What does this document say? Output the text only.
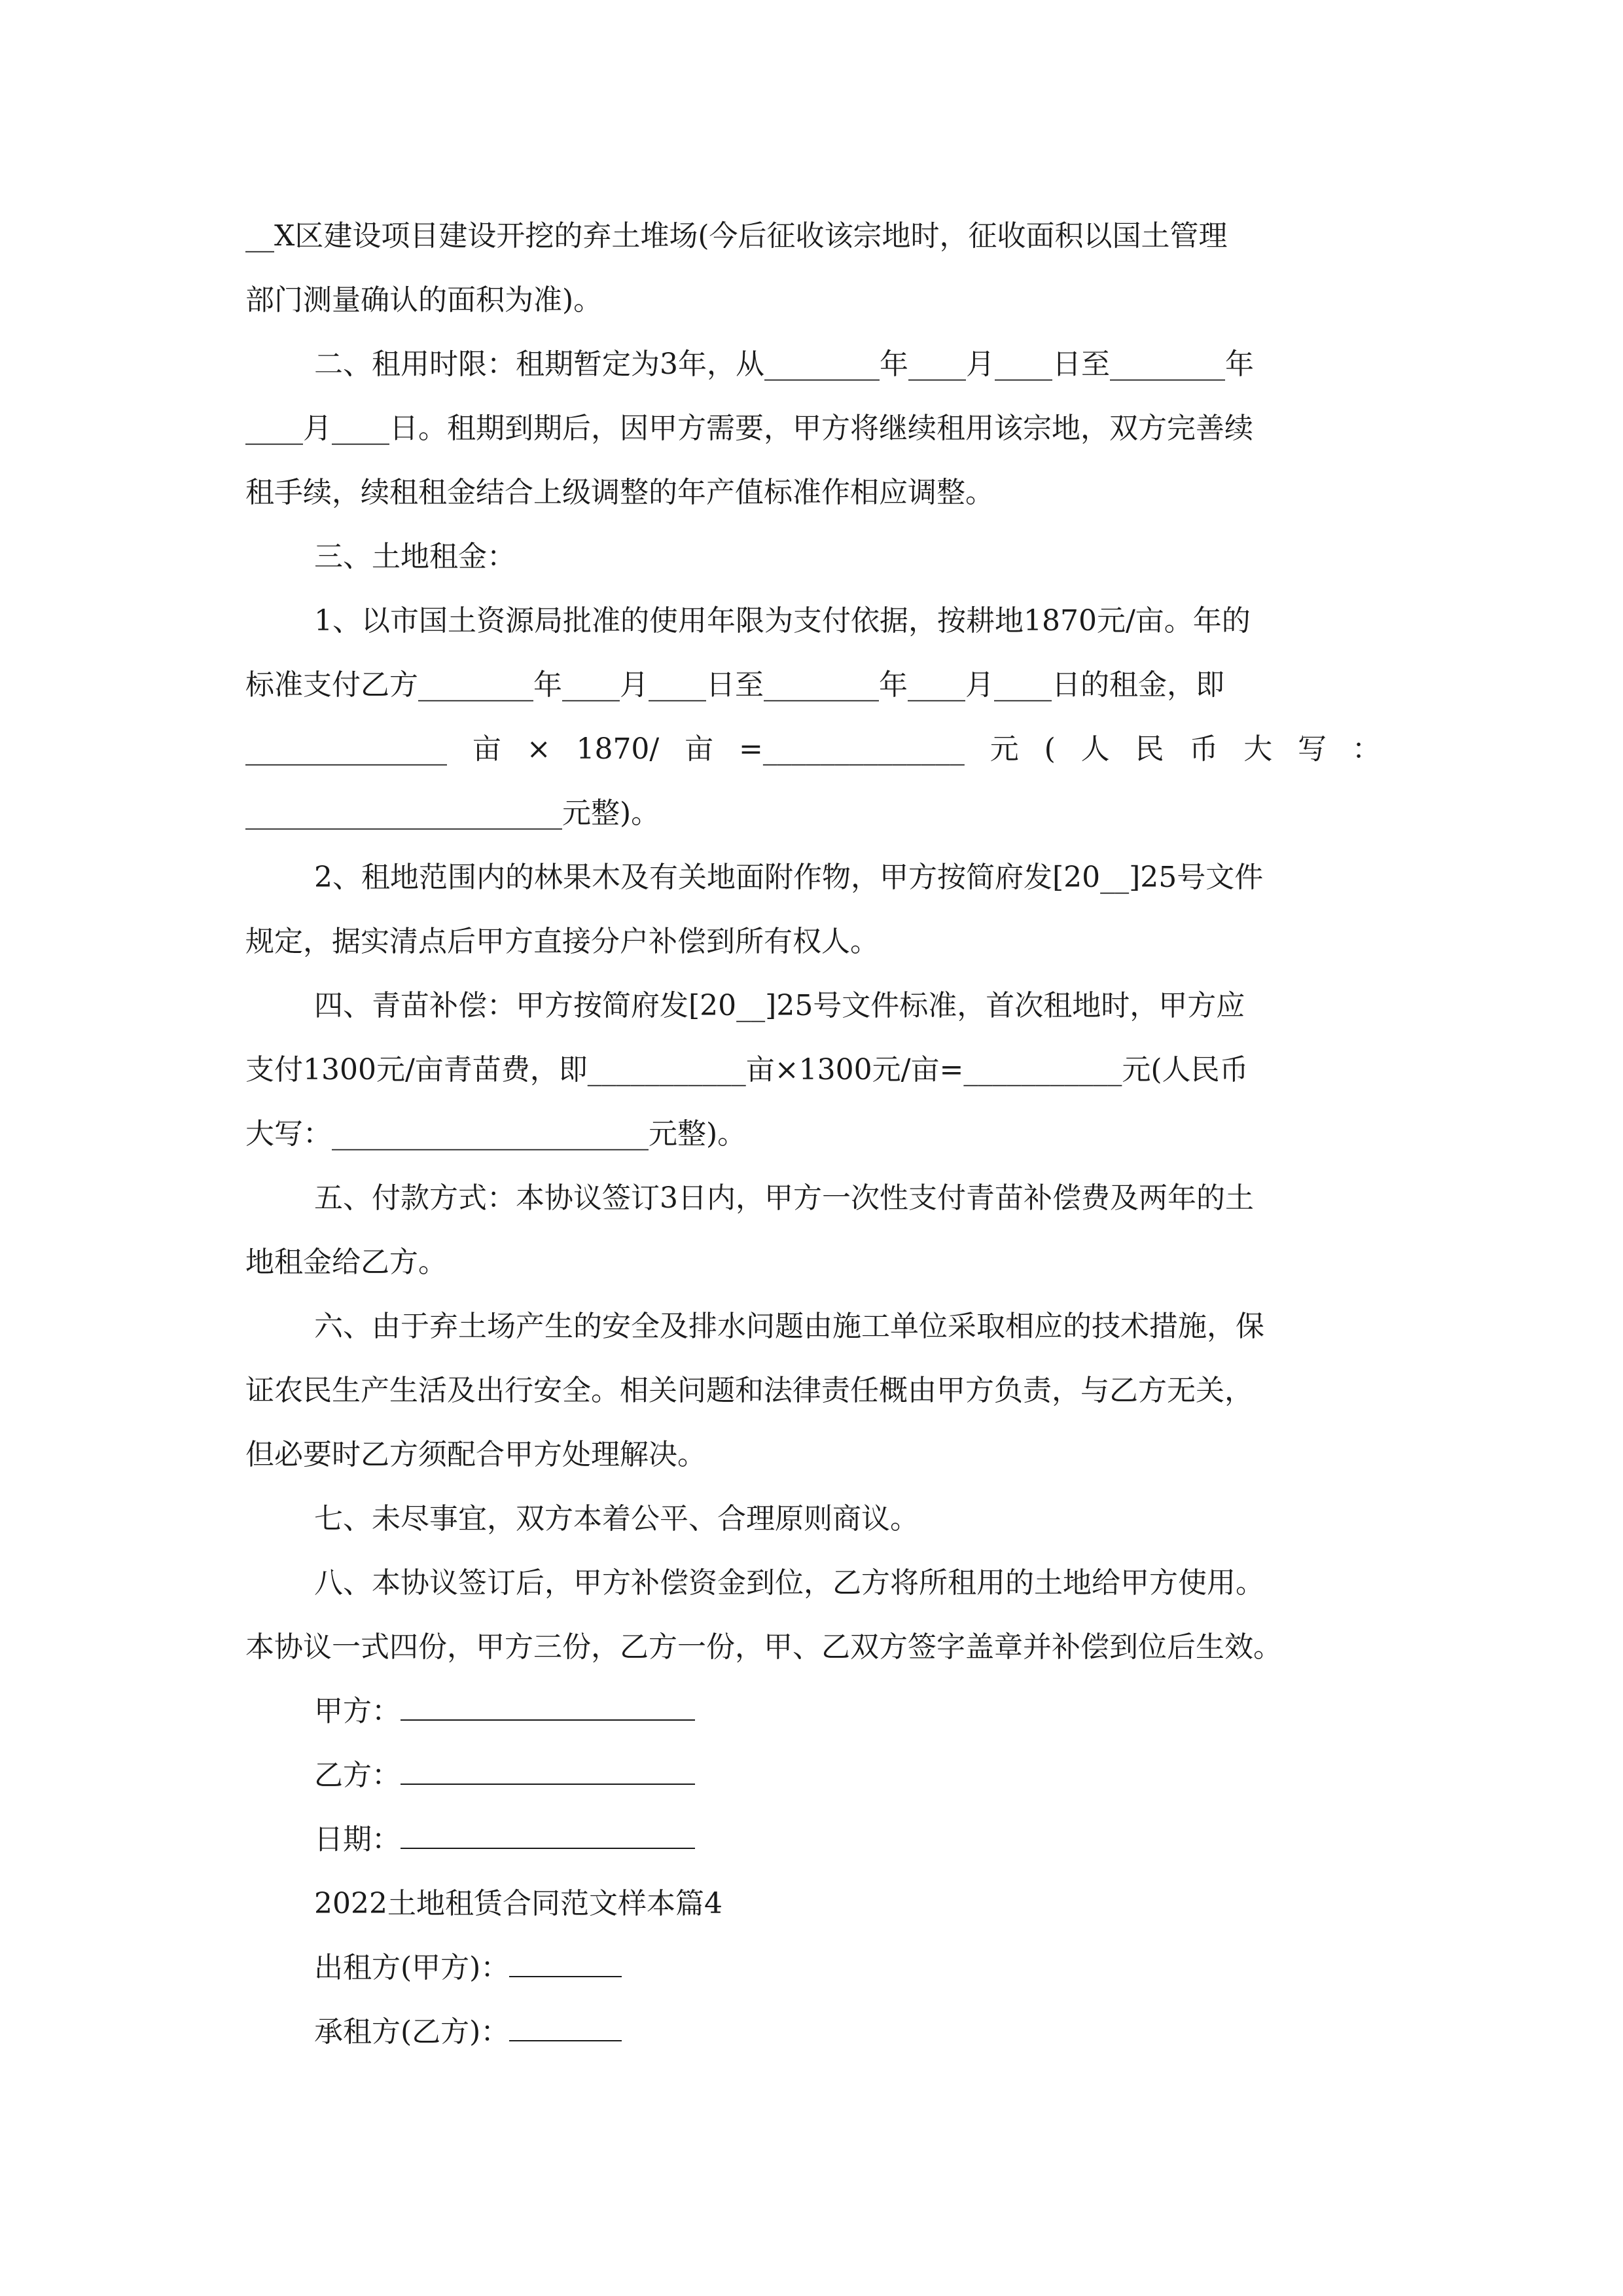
__X区建设项目建设开挖的弃土堆场(今后征收该宗地时，征收面积以国土管理

部门测量确认的面积为准)。

二、租用时限：租期暂定为3年，从________年____月____日至________年

____月____日。租期到期后，因甲方需要，甲方将继续租用该宗地，双方完善续

租手续，续租租金结合上级调整的年产值标准作相应调整。

三、土地租金：

1、以市国土资源局批准的使用年限为支付依据，按耕地1870元/亩。年的

标准支付乙方________年____月____日至________年____月____日的租金，即

______________ 亩 × 1870/ 亩 =______________ 元 ( 人 民 币 大 写 ：

______________________元整)。

2、租地范围内的林果木及有关地面附作物，甲方按简府发[20__]25号文件

规定，据实清点后甲方直接分户补偿到所有权人。

四、青苗补偿：甲方按简府发[20__]25号文件标准，首次租地时，甲方应

支付1300元/亩青苗费，即___________亩×1300元/亩=___________元(人民币

大写：______________________元整)。

五、付款方式：本协议签订3日内，甲方一次性支付青苗补偿费及两年的土

地租金给乙方。

六、由于弃土场产生的安全及排水问题由施工单位采取相应的技术措施，保

证农民生产生活及出行安全。相关问题和法律责任概由甲方负责，与乙方无关，

但必要时乙方须配合甲方处理解决。

七、未尽事宜，双方本着公平、合理原则商议。

八、本协议签订后，甲方补偿资金到位，乙方将所租用的土地给甲方使用。

本协议一式四份，甲方三份，乙方一份，甲、乙双方签字盖章并补偿到位后生效。

甲方：
乙方：
日期：

2022土地租赁合同范文样本篇4

出租方(甲方)：
承租方(乙方)：
